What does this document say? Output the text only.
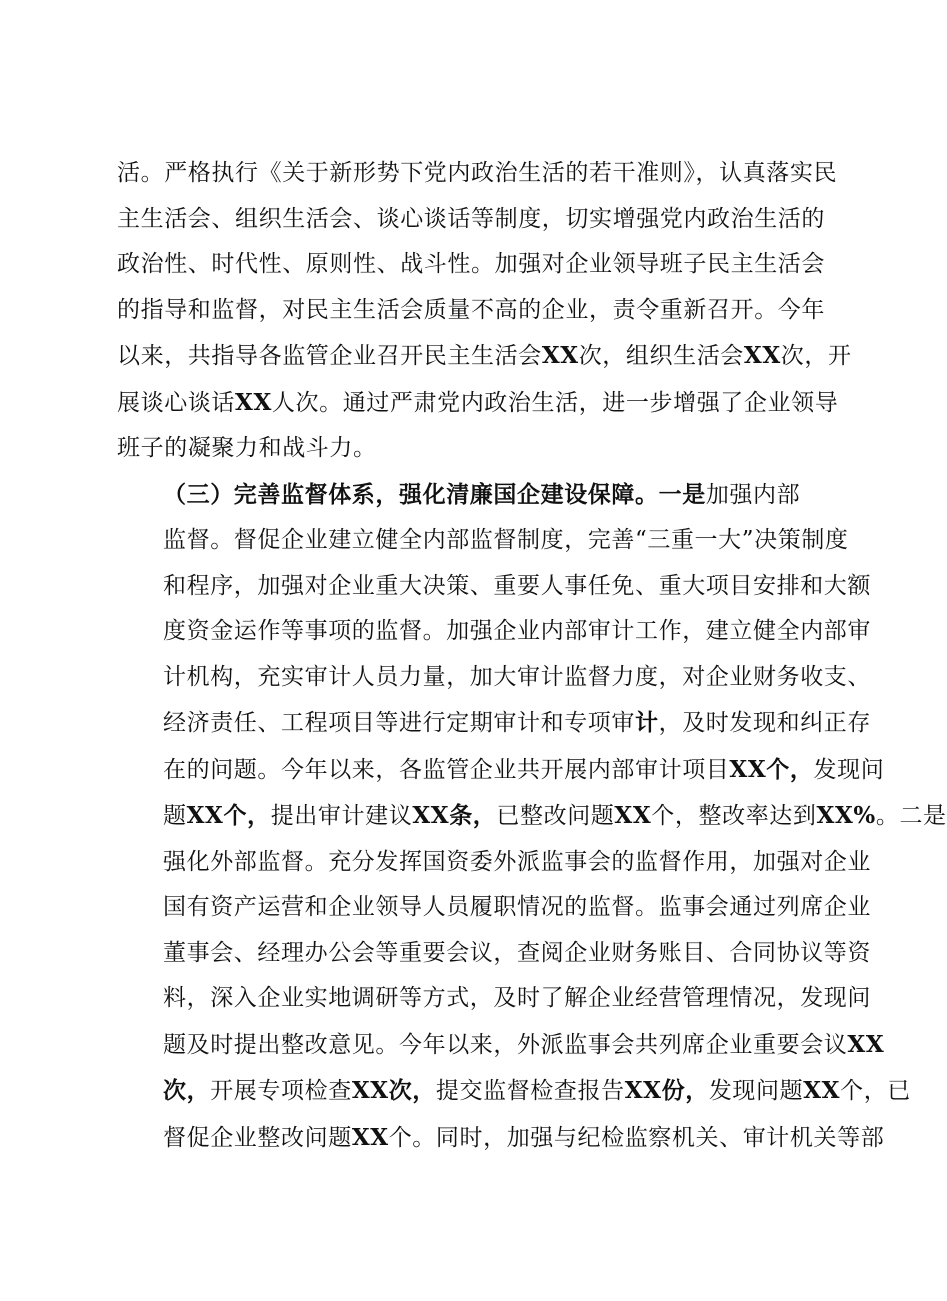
活。严格执行《关于新形势下党内政治生活的若干准则》，认真落实民
主生活会、组织生活会、谈心谈话等制度，切实增强党内政治生活的
政治性、时代性、原则性、战斗性。加强对企业领导班子民主生活会
的指导和监督，对民主生活会质量不高的企业，责令重新召开。今年
以来，共指导各监管企业召开民主生活会XX次，组织生活会XX次，开
展谈心谈话XX人次。通过严肃党内政治生活，进一步增强了企业领导
班子的凝聚力和战斗力。

（三）完善监督体系，强化清廉国企建设保障。一是加强内部
监督。督促企业建立健全内部监督制度，完善“三重一大”决策制度
和程序，加强对企业重大决策、重要人事任免、重大项目安排和大额
度资金运作等事项的监督。加强企业内部审计工作，建立健全内部审
计机构，充实审计人员力量，加大审计监督力度，对企业财务收支、
经济责任、工程项目等进行定期审计和专项审计，及时发现和纠正存
在的问题。今年以来，各监管企业共开展内部审计项目XX个，发现问
题XX个，提出审计建议XX条，已整改问题XX个，整改率达到XX%。二是
强化外部监督。充分发挥国资委外派监事会的监督作用，加强对企业
国有资产运营和企业领导人员履职情况的监督。监事会通过列席企业
董事会、经理办公会等重要会议，查阅企业财务账目、合同协议等资
料，深入企业实地调研等方式，及时了解企业经营管理情况，发现问
题及时提出整改意见。今年以来，外派监事会共列席企业重要会议XX
次，开展专项检查XX次，提交监督检查报告XX份，发现问题XX个，已
督促企业整改问题XX个。同时，加强与纪检监察机关、审计机关等部
